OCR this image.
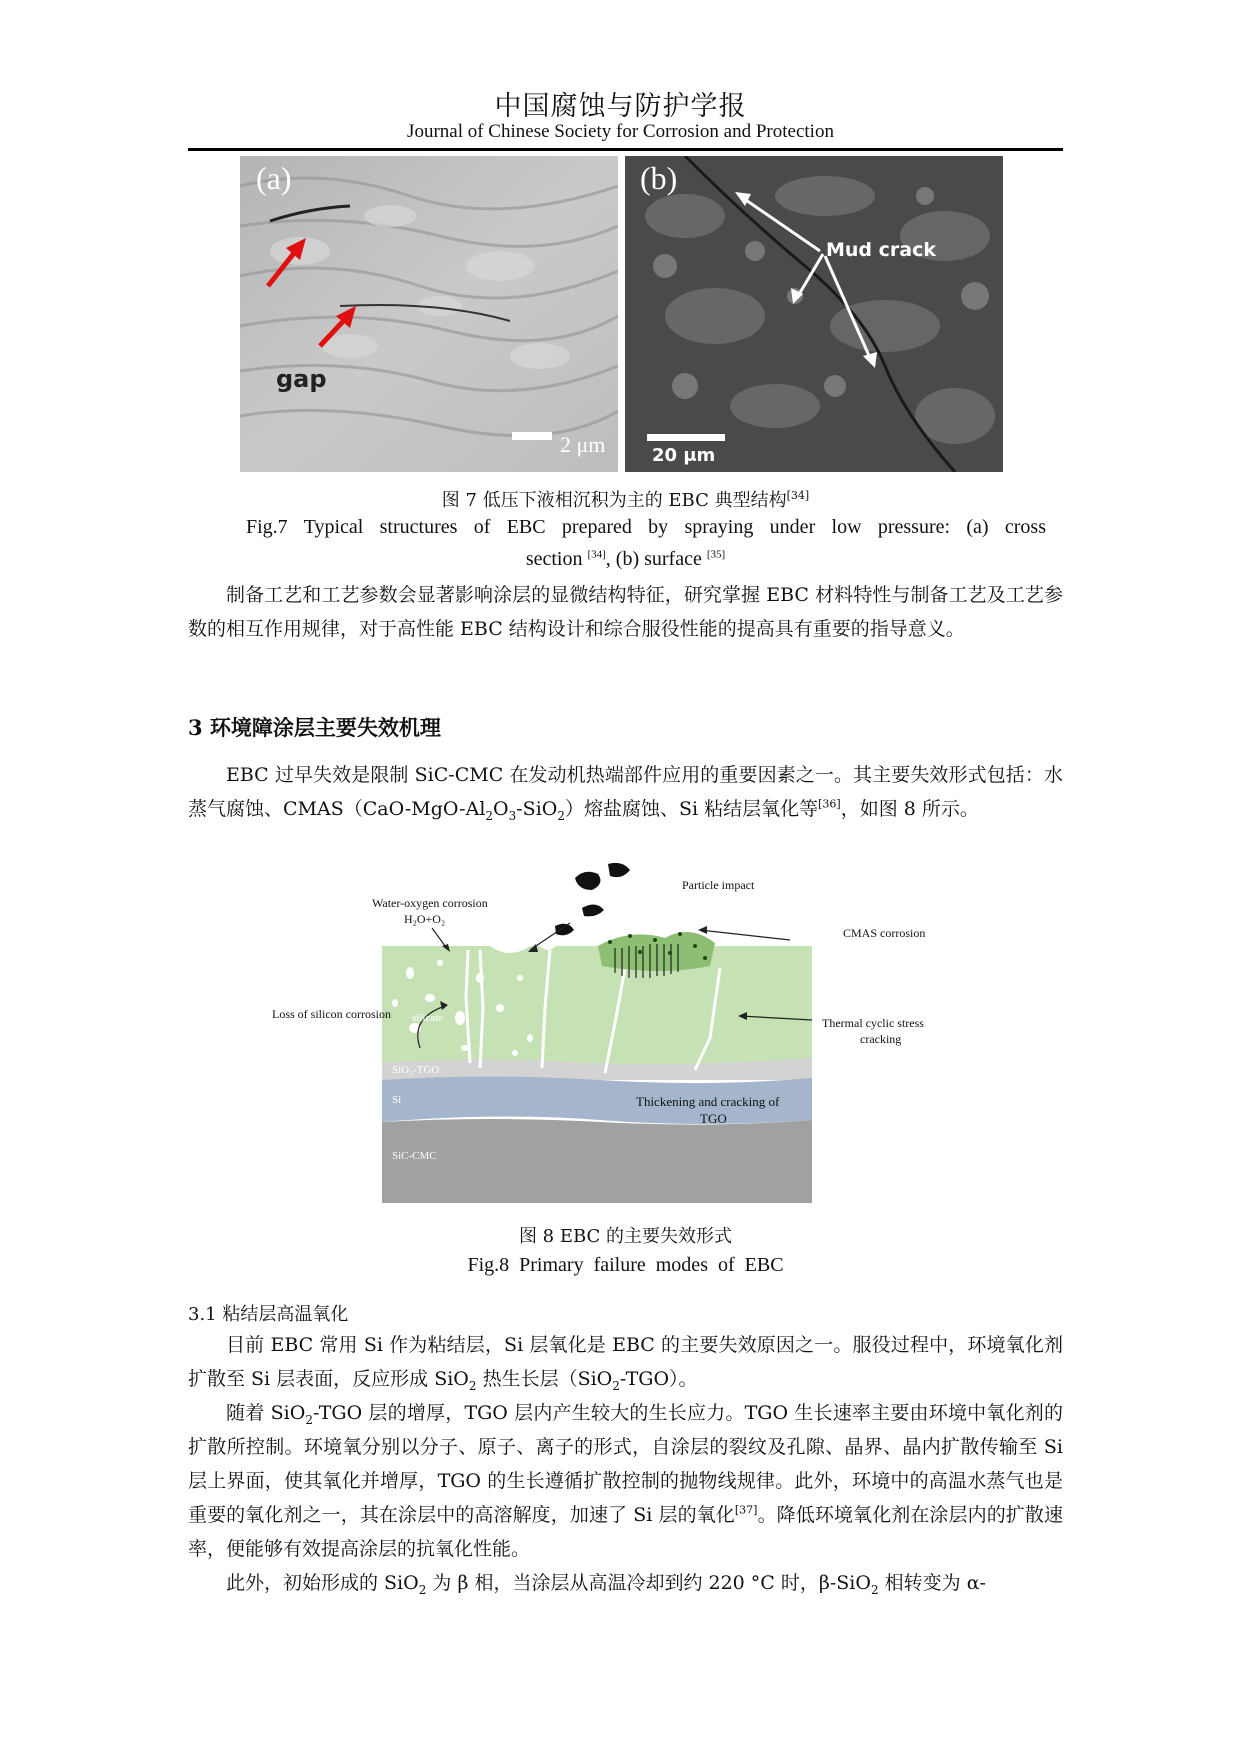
中国腐蚀与防护学报
Journal of Chinese Society for Corrosion and Protection
(a)
gap
2 μm
(b)
Mud crack
20 μm
图 7 低压下液相沉积为主的 EBC 典型结构[34]
Fig.7 Typical structures of EBC prepared by spraying under low pressure: (a) cross
section [34], (b) surface [35]
制备工艺和工艺参数会显著影响涂层的显微结构特征，研究掌握 EBC 材料特性与制备工艺及工艺参数的相互作用规律，对于高性能 EBC 结构设计和综合服役性能的提高具有重要的指导意义。
3 环境障涂层主要失效机理
EBC 过早失效是限制 SiC-CMC 在发动机热端部件应用的重要因素之一。其主要失效形式包括：水蒸气腐蚀、$CMAS(CaO-MgO-Al_2O_3-SiO_2)$熔盐腐蚀、Si 粘结层氧化等[36]，如图 8 所示。
Water-oxygen corrosion
H₂O+O₂
Particle impact
CMAS corrosion
Loss of silicon corrosion silicate	Thermal cyclic stress
cracking
SiO₂-TGO
Si	Thickening and cracking of
TGO
SiC-CMC
图 8 EBC 的主要失效形式
Fig.8  Primary  failure  modes  of  EBC
3.1 粘结层高温氧化
目前 EBC 常用 Si 作为粘结层，Si 层氧化是 EBC 的主要失效原因之一。服役过程中，环境氧化剂扩散至 Si 层表面，反应形成 SiO$_2$ 热生长层（SiO$_2$-TGO）。
随着 SiO$_2$-TGO 层的增厚，TGO 层内产生较大的生长应力。TGO 生长速率主要由环境中氧化剂的扩散所控制。环境氧分别以分子、原子、离子的形式，自涂层的裂纹及孔隙、晶界、晶内扩散传输至 Si 层上界面，使其氧化并增厚，TGO 的生长遵循扩散控制的抛物线规律。此外，环境中的高温水蒸气也是重要的氧化剂之一，其在涂层中的高溶解度，加速了 Si 层的氧化[37]。降低环境氧化剂在涂层内的扩散速率，便能够有效提高涂层的抗氧化性能。
此外，初始形成的 SiO$_2$ 为 β 相，当涂层从高温冷却到约 220 °C 时，β-SiO$_2$ 相转变为 α-
